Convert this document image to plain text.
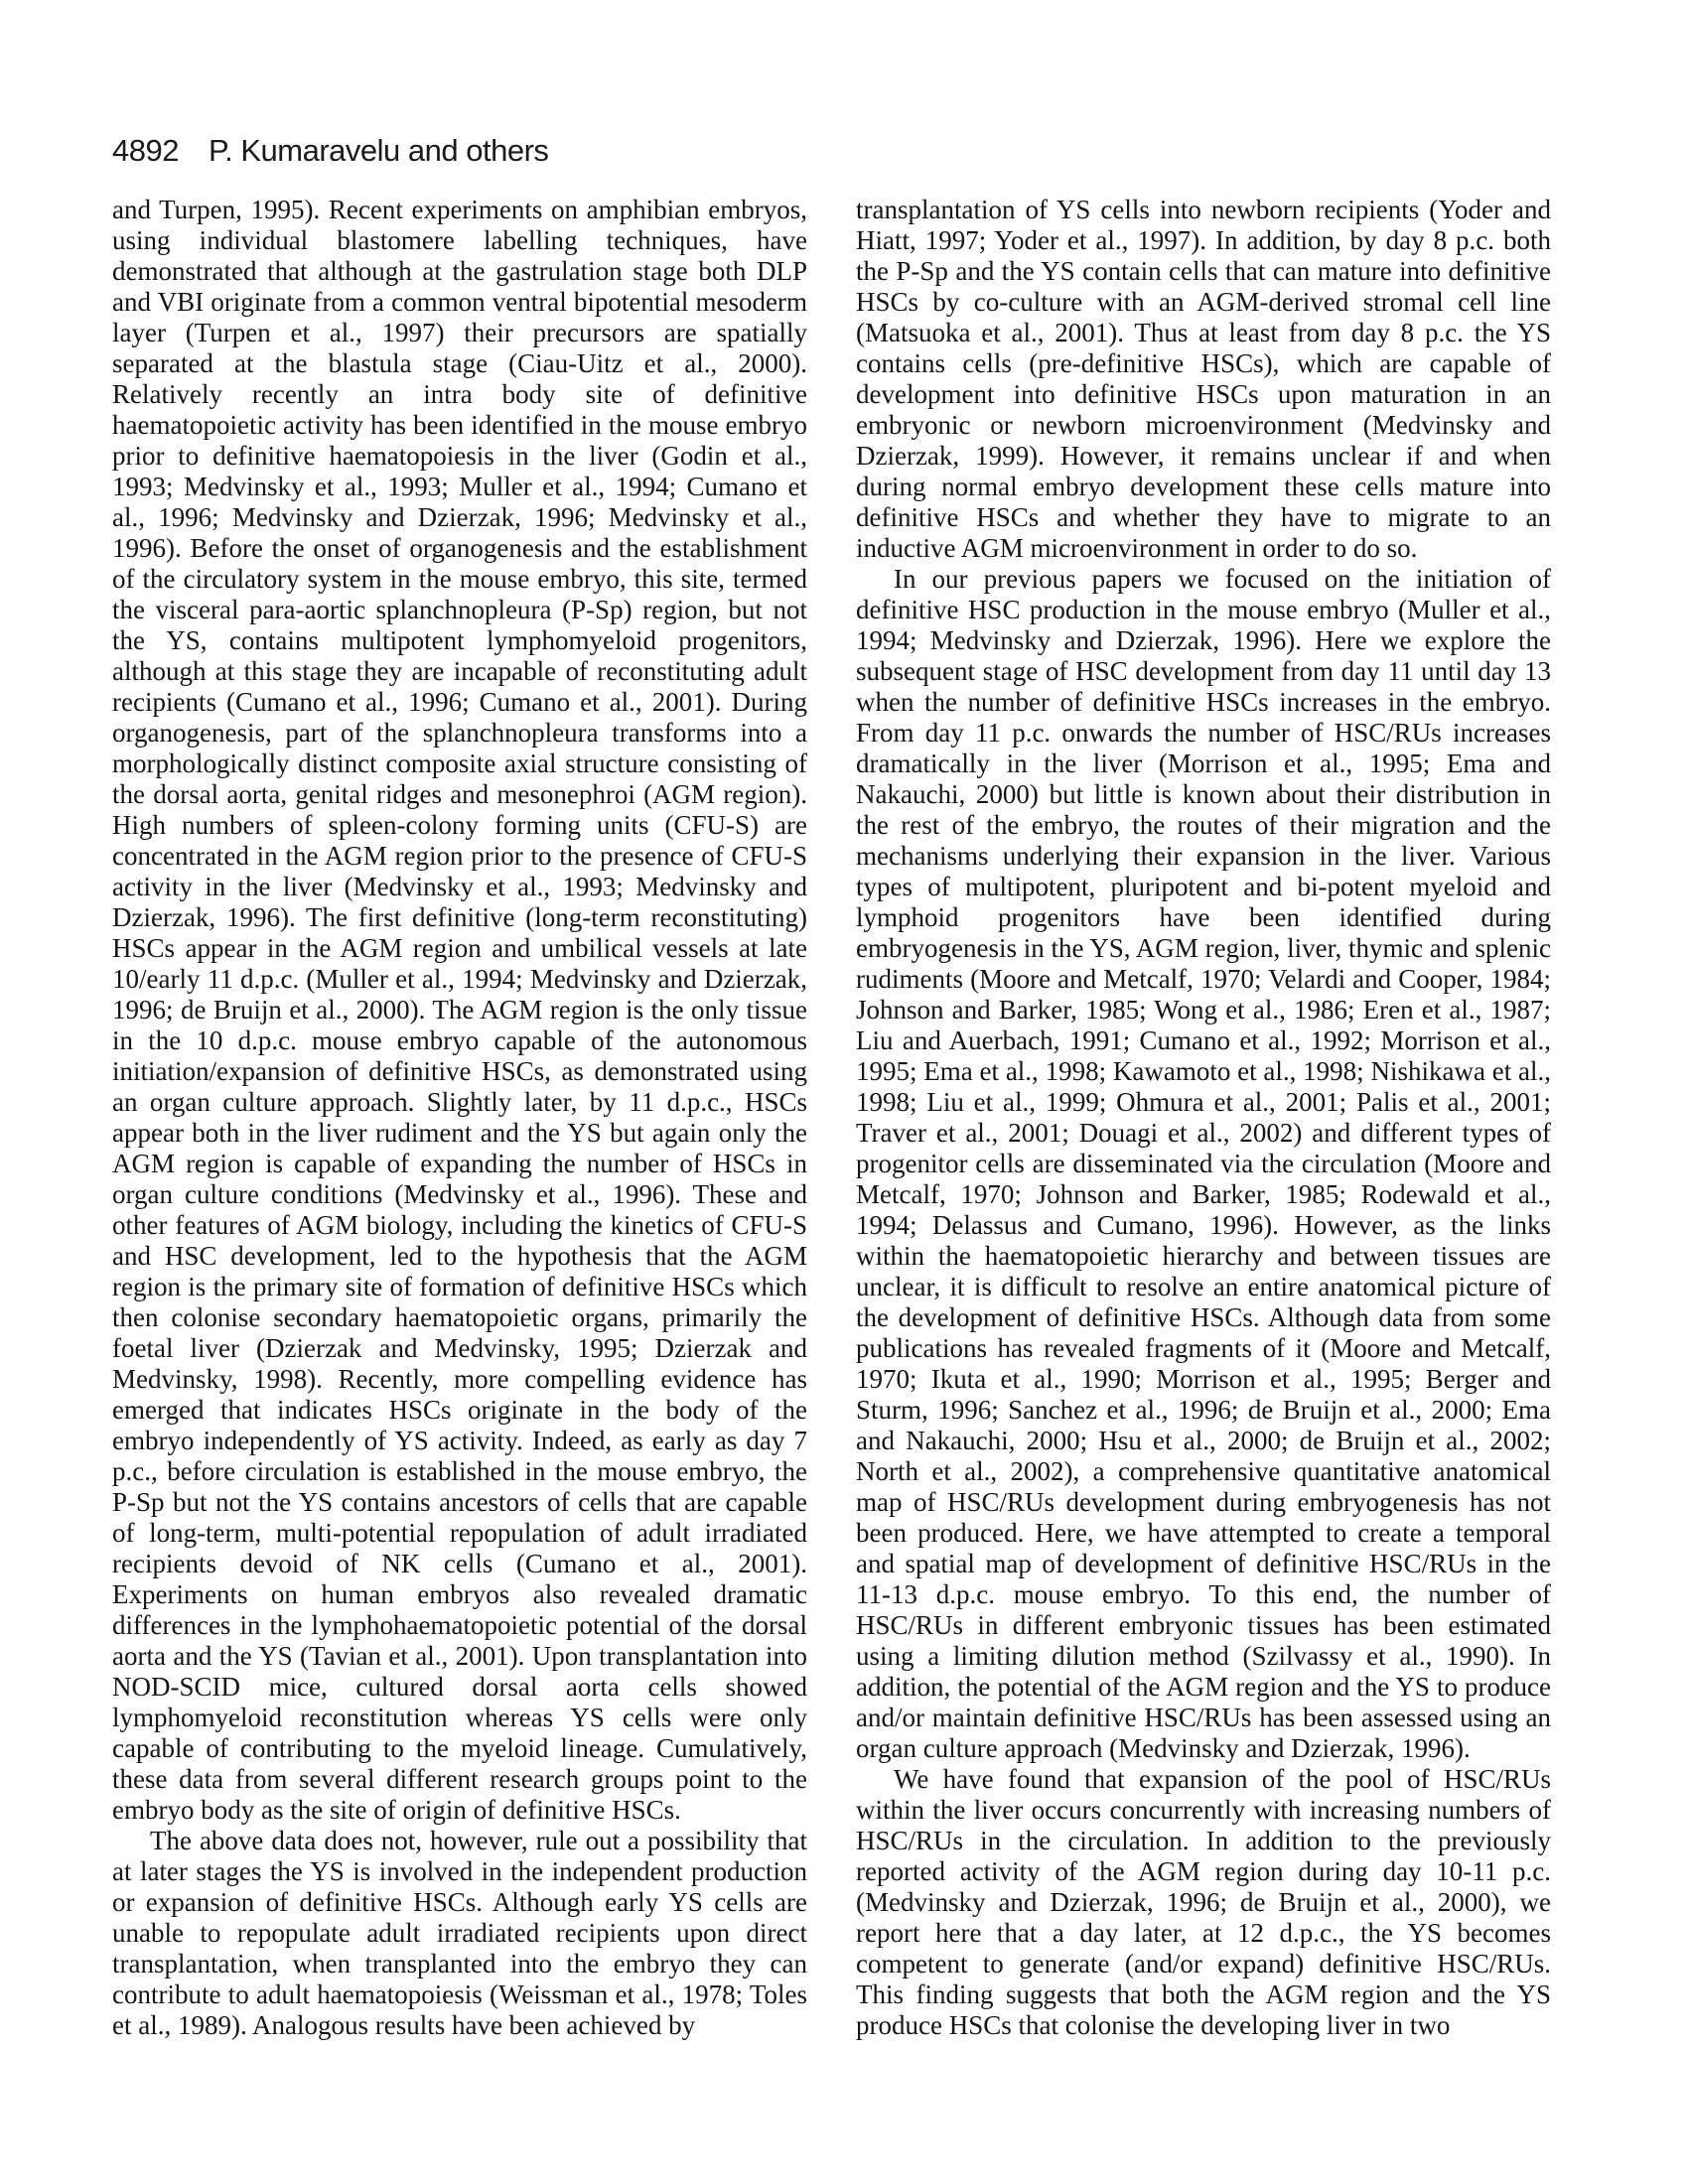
4892 P. Kumaravelu and others

and Turpen, 1995). Recent experiments on amphibian embryos, using individual blastomere labelling techniques, have demonstrated that although at the gastrulation stage both DLP and VBI originate from a common ventral bipotential mesoderm layer (Turpen et al., 1997) their precursors are spatially separated at the blastula stage (Ciau-Uitz et al., 2000). Relatively recently an intra body site of definitive haematopoietic activity has been identified in the mouse embryo prior to definitive haematopoiesis in the liver (Godin et al., 1993; Medvinsky et al., 1993; Muller et al., 1994; Cumano et al., 1996; Medvinsky and Dzierzak, 1996; Medvinsky et al., 1996). Before the onset of organogenesis and the establishment of the circulatory system in the mouse embryo, this site, termed the visceral para-aortic splanchnopleura (P-Sp) region, but not the YS, contains multipotent lymphomyeloid progenitors, although at this stage they are incapable of reconstituting adult recipients (Cumano et al., 1996; Cumano et al., 2001). During organogenesis, part of the splanchnopleura transforms into a morphologically distinct composite axial structure consisting of the dorsal aorta, genital ridges and mesonephroi (AGM region). High numbers of spleen-colony forming units (CFU-S) are concentrated in the AGM region prior to the presence of CFU-S activity in the liver (Medvinsky et al., 1993; Medvinsky and Dzierzak, 1996). The first definitive (long-term reconstituting) HSCs appear in the AGM region and umbilical vessels at late 10/early 11 d.p.c. (Muller et al., 1994; Medvinsky and Dzierzak, 1996; de Bruijn et al., 2000). The AGM region is the only tissue in the 10 d.p.c. mouse embryo capable of the autonomous initiation/expansion of definitive HSCs, as demonstrated using an organ culture approach. Slightly later, by 11 d.p.c., HSCs appear both in the liver rudiment and the YS but again only the AGM region is capable of expanding the number of HSCs in organ culture conditions (Medvinsky et al., 1996). These and other features of AGM biology, including the kinetics of CFU-S and HSC development, led to the hypothesis that the AGM region is the primary site of formation of definitive HSCs which then colonise secondary haematopoietic organs, primarily the foetal liver (Dzierzak and Medvinsky, 1995; Dzierzak and Medvinsky, 1998). Recently, more compelling evidence has emerged that indicates HSCs originate in the body of the embryo independently of YS activity. Indeed, as early as day 7 p.c., before circulation is established in the mouse embryo, the P-Sp but not the YS contains ancestors of cells that are capable of long-term, multi-potential repopulation of adult irradiated recipients devoid of NK cells (Cumano et al., 2001). Experiments on human embryos also revealed dramatic differences in the lymphohaematopoietic potential of the dorsal aorta and the YS (Tavian et al., 2001). Upon transplantation into NOD-SCID mice, cultured dorsal aorta cells showed lymphomyeloid reconstitution whereas YS cells were only capable of contributing to the myeloid lineage. Cumulatively, these data from several different research groups point to the embryo body as the site of origin of definitive HSCs.

The above data does not, however, rule out a possibility that at later stages the YS is involved in the independent production or expansion of definitive HSCs. Although early YS cells are unable to repopulate adult irradiated recipients upon direct transplantation, when transplanted into the embryo they can contribute to adult haematopoiesis (Weissman et al., 1978; Toles et al., 1989). Analogous results have been achieved by

transplantation of YS cells into newborn recipients (Yoder and Hiatt, 1997; Yoder et al., 1997). In addition, by day 8 p.c. both the P-Sp and the YS contain cells that can mature into definitive HSCs by co-culture with an AGM-derived stromal cell line (Matsuoka et al., 2001). Thus at least from day 8 p.c. the YS contains cells (pre-definitive HSCs), which are capable of development into definitive HSCs upon maturation in an embryonic or newborn microenvironment (Medvinsky and Dzierzak, 1999). However, it remains unclear if and when during normal embryo development these cells mature into definitive HSCs and whether they have to migrate to an inductive AGM microenvironment in order to do so.

In our previous papers we focused on the initiation of definitive HSC production in the mouse embryo (Muller et al., 1994; Medvinsky and Dzierzak, 1996). Here we explore the subsequent stage of HSC development from day 11 until day 13 when the number of definitive HSCs increases in the embryo. From day 11 p.c. onwards the number of HSC/RUs increases dramatically in the liver (Morrison et al., 1995; Ema and Nakauchi, 2000) but little is known about their distribution in the rest of the embryo, the routes of their migration and the mechanisms underlying their expansion in the liver. Various types of multipotent, pluripotent and bi-potent myeloid and lymphoid progenitors have been identified during embryogenesis in the YS, AGM region, liver, thymic and splenic rudiments (Moore and Metcalf, 1970; Velardi and Cooper, 1984; Johnson and Barker, 1985; Wong et al., 1986; Eren et al., 1987; Liu and Auerbach, 1991; Cumano et al., 1992; Morrison et al., 1995; Ema et al., 1998; Kawamoto et al., 1998; Nishikawa et al., 1998; Liu et al., 1999; Ohmura et al., 2001; Palis et al., 2001; Traver et al., 2001; Douagi et al., 2002) and different types of progenitor cells are disseminated via the circulation (Moore and Metcalf, 1970; Johnson and Barker, 1985; Rodewald et al., 1994; Delassus and Cumano, 1996). However, as the links within the haematopoietic hierarchy and between tissues are unclear, it is difficult to resolve an entire anatomical picture of the development of definitive HSCs. Although data from some publications has revealed fragments of it (Moore and Metcalf, 1970; Ikuta et al., 1990; Morrison et al., 1995; Berger and Sturm, 1996; Sanchez et al., 1996; de Bruijn et al., 2000; Ema and Nakauchi, 2000; Hsu et al., 2000; de Bruijn et al., 2002; North et al., 2002), a comprehensive quantitative anatomical map of HSC/RUs development during embryogenesis has not been produced. Here, we have attempted to create a temporal and spatial map of development of definitive HSC/RUs in the 11-13 d.p.c. mouse embryo. To this end, the number of HSC/RUs in different embryonic tissues has been estimated using a limiting dilution method (Szilvassy et al., 1990). In addition, the potential of the AGM region and the YS to produce and/or maintain definitive HSC/RUs has been assessed using an organ culture approach (Medvinsky and Dzierzak, 1996).

We have found that expansion of the pool of HSC/RUs within the liver occurs concurrently with increasing numbers of HSC/RUs in the circulation. In addition to the previously reported activity of the AGM region during day 10-11 p.c. (Medvinsky and Dzierzak, 1996; de Bruijn et al., 2000), we report here that a day later, at 12 d.p.c., the YS becomes competent to generate (and/or expand) definitive HSC/RUs. This finding suggests that both the AGM region and the YS produce HSCs that colonise the developing liver in two
